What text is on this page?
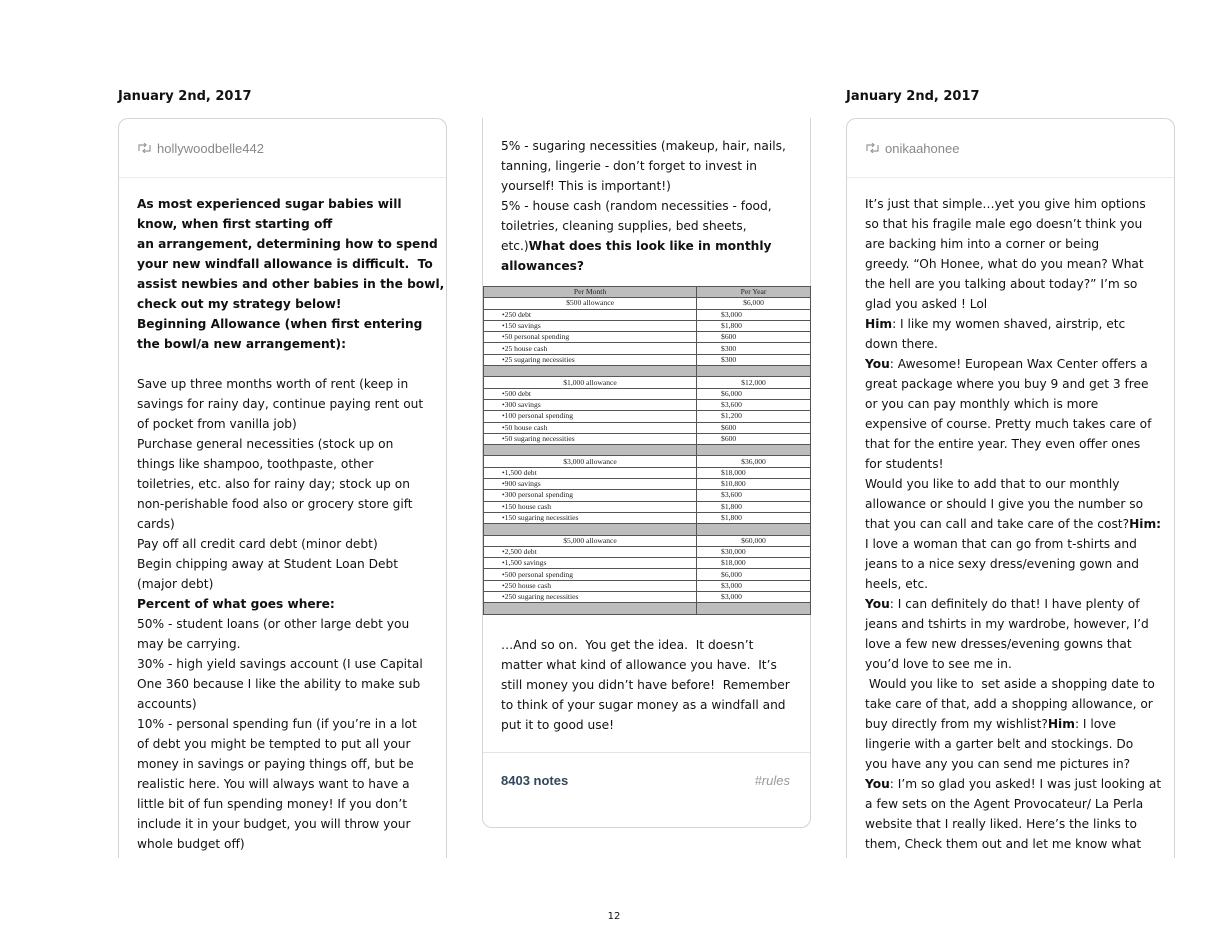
January 2nd, 2017
hollywoodbelle442
As most experienced sugar babies will
know, when first starting off
an arrangement, determining how to spend
your new windfall allowance is difficult.  To
assist newbies and other babies in the bowl,
check out my strategy below!
Beginning Allowance (when first entering
the bowl/a new arrangement):

Save up three months worth of rent (keep in
savings for rainy day, continue paying rent out
of pocket from vanilla job)
Purchase general necessities (stock up on
things like shampoo, toothpaste, other
toiletries, etc. also for rainy day; stock up on
non-perishable food also or grocery store gift
cards)
Pay off all credit card debt (minor debt)
Begin chipping away at Student Loan Debt
(major debt)
Percent of what goes where:
50% - student loans (or other large debt you
may be carrying.
30% - high yield savings account (I use Capital
One 360 because I like the ability to make sub
accounts)
10% - personal spending fun (if you’re in a lot
of debt you might be tempted to put all your
money in savings or paying things off, but be
realistic here. You will always want to have a
little bit of fun spending money! If you don’t
include it in your budget, you will throw your
whole budget off)
5% - sugaring necessities (makeup, hair, nails,
tanning, lingerie - don’t forget to invest in
yourself! This is important!)
5% - house cash (random necessities - food,
toiletries, cleaning supplies, bed sheets,
etc.)What does this look like in monthly
allowances?
Per Month	Per Year
$500 allowance	$6,000
•250 debt	$3,000
•150 savings	$1,800
•50 personal spending	$600
•25 house cash	$300
•25 sugaring necessities	$300

$1,000 allowance	$12,000
•500 debt	$6,000
•300 savings	$3,600
•100 personal spending	$1,200
•50 house cash	$600
•50 sugaring necessities	$600

$3,000 allowance	$36,000
•1,500 debt	$18,000
•900 savings	$10,800
•300 personal spending	$3,600
•150 house cash	$1,800
•150 sugaring necessities	$1,800

$5,000 allowance	$60,000
•2,500 debt	$30,000
•1,500 savings	$18,000
•500 personal spending	$6,000
•250 house cash	$3,000
•250 sugaring necessities	$3,000

…And so on.  You get the idea.  It doesn’t
matter what kind of allowance you have.  It’s
still money you didn’t have before!  Remember
to think of your sugar money as a windfall and
put it to good use!
8403 notes	#rules
January 2nd, 2017
onikaahonee
It’s just that simple…yet you give him options
so that his fragile male ego doesn’t think you
are backing him into a corner or being
greedy. “Oh Honee, what do you mean? What
the hell are you talking about today?” I’m so
glad you asked ! Lol
Him: I like my women shaved, airstrip, etc
down there.
You: Awesome! European Wax Center offers a
great package where you buy 9 and get 3 free
or you can pay monthly which is more
expensive of course. Pretty much takes care of
that for the entire year. They even offer ones
for students!
Would you like to add that to our monthly
allowance or should I give you the number so
that you can call and take care of the cost?Him:
I love a woman that can go from t-shirts and
jeans to a nice sexy dress/evening gown and
heels, etc.
You: I can definitely do that! I have plenty of
jeans and tshirts in my wardrobe, however, I’d
love a few new dresses/evening gowns that
you’d love to see me in.
Would you like to  set aside a shopping date to
take care of that, add a shopping allowance, or
buy directly from my wishlist?Him: I love
lingerie with a garter belt and stockings. Do
you have any you can send me pictures in?
You: I’m so glad you asked! I was just looking at
a few sets on the Agent Provocateur/ La Perla
website that I really liked. Here’s the links to
them, Check them out and let me know what
12
